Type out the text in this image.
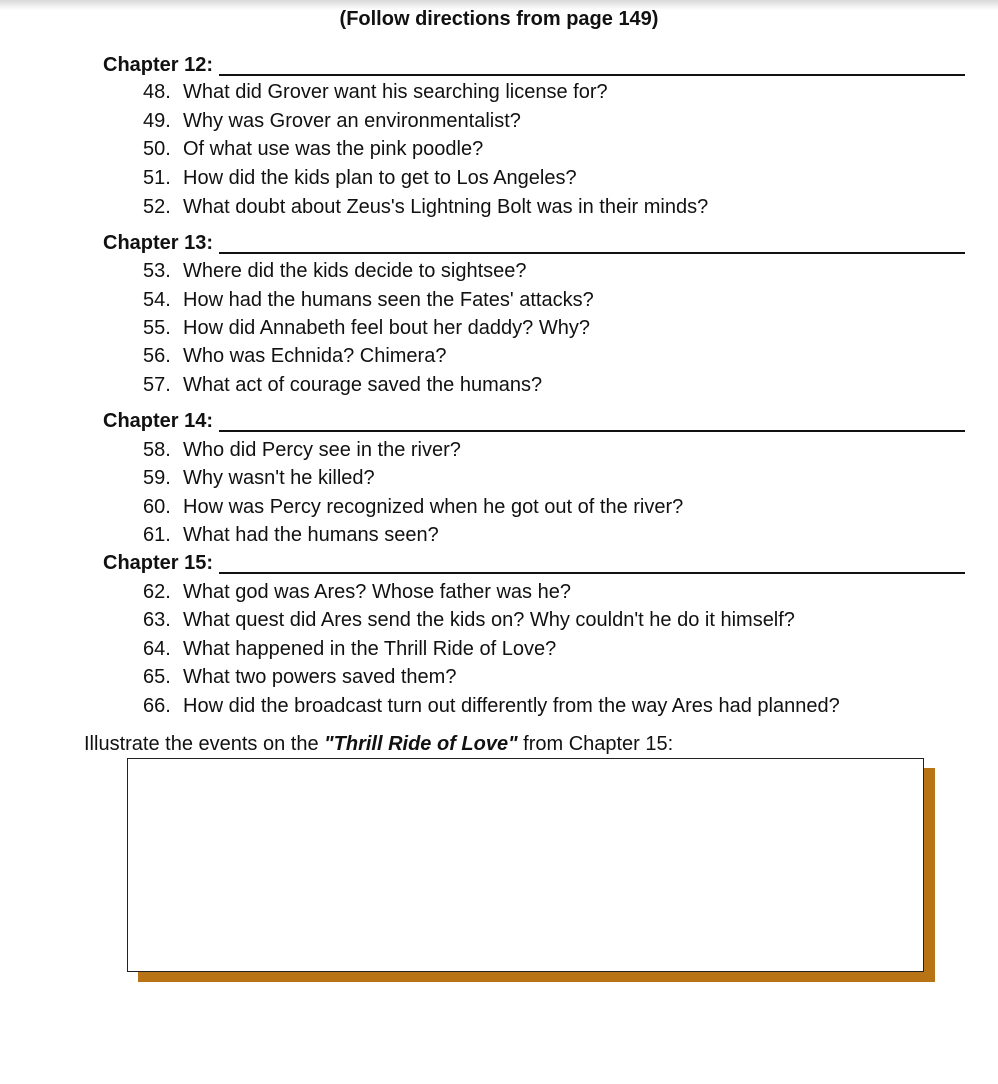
(Follow directions from page 149)
Chapter 12:
48. What did Grover want his searching license for?
49. Why was Grover an environmentalist?
50. Of what use was the pink poodle?
51. How did the kids plan to get to Los Angeles?
52. What doubt about Zeus's Lightning Bolt was in their minds?
Chapter 13:
53. Where did the kids decide to sightsee?
54. How had the humans seen the Fates' attacks?
55. How did Annabeth feel bout her daddy? Why?
56. Who was Echnida? Chimera?
57. What act of courage saved the humans?
Chapter 14:
58. Who did Percy see in the river?
59. Why wasn't he killed?
60. How was Percy recognized when he got out of the river?
61. What had the humans seen?
Chapter 15:
62. What god was Ares? Whose father was he?
63. What quest did Ares send the kids on? Why couldn't he do it himself?
64. What happened in the Thrill Ride of Love?
65. What two powers saved them?
66. How did the broadcast turn out differently from the way Ares had planned?
Illustrate the events on the "Thrill Ride of Love" from Chapter 15:
